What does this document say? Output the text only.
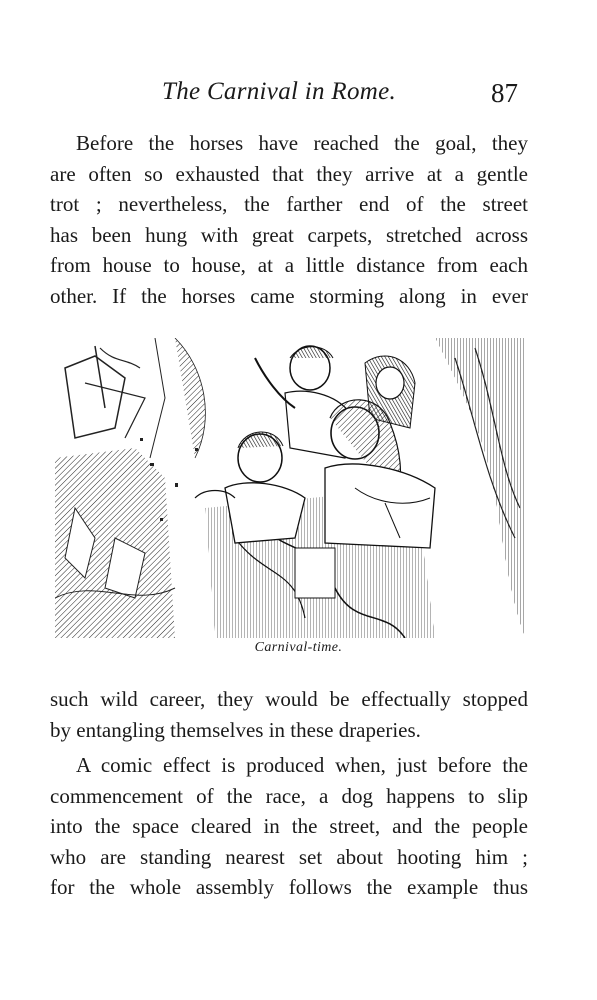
The Carnival in Rome.	87
Before the horses have reached the goal, they
are often so exhausted that they arrive at a gentle
trot ; nevertheless, the farther end of the street
has been hung with great carpets, stretched across
from house to house, at a little distance from each
other. If the horses came storming along in ever
Carnival-time.
such wild career, they would be effectually stopped
by entangling themselves in these draperies.
A comic effect is produced when, just before the
commencement of the race, a dog happens to slip
into the space cleared in the street, and the people
who are standing nearest set about hooting him ;
for the whole assembly follows the example thus
